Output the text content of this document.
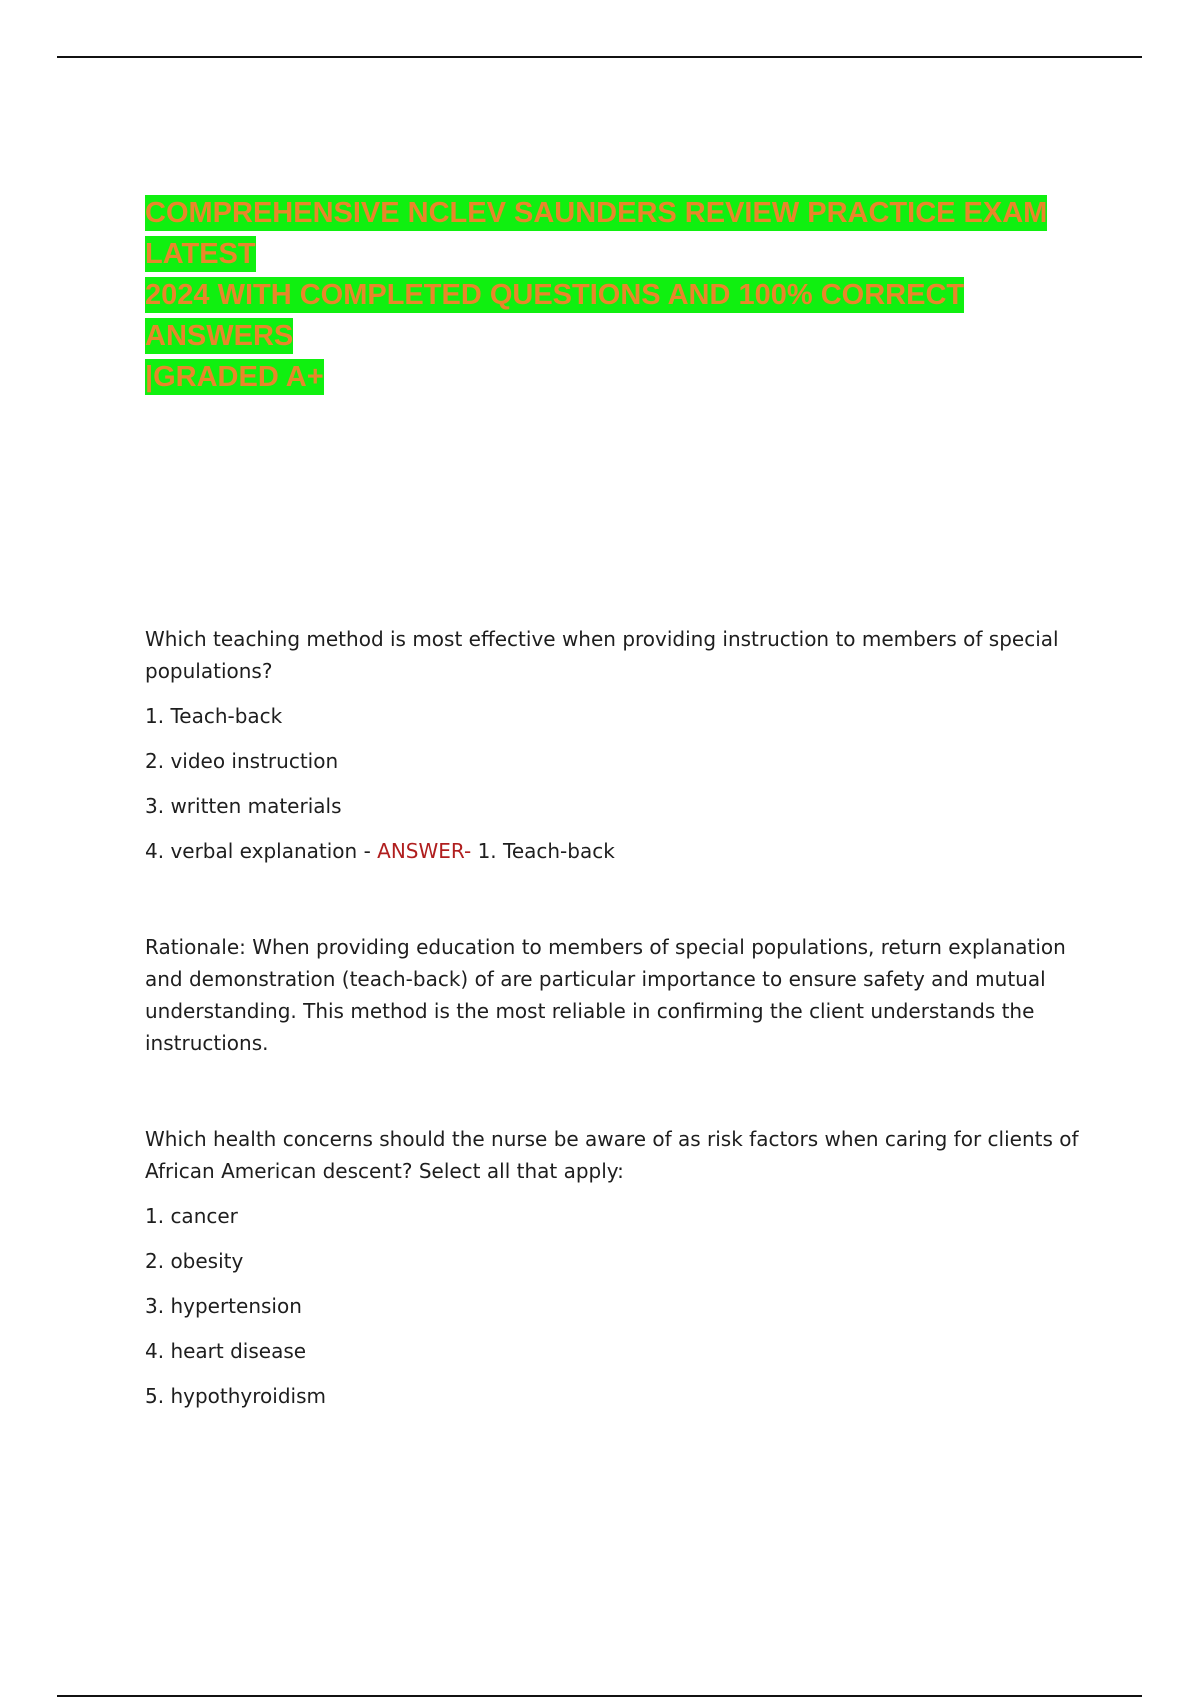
COMPREHENSIVE NCLEV SAUNDERS REVIEW PRACTICE EXAM LATEST
2024 WITH COMPLETED QUESTIONS AND 100% CORRECT ANSWERS
|GRADED A+

Which teaching method is most effective when providing instruction to members of special populations?

1. Teach-back

2. video instruction

3. written materials

4. verbal explanation - ANSWER- 1. Teach-back

Rationale: When providing education to members of special populations, return explanation and demonstration (teach-back) of are particular importance to ensure safety and mutual understanding. This method is the most reliable in confirming the client understands the instructions.

Which health concerns should the nurse be aware of as risk factors when caring for clients of African American descent? Select all that apply:

1. cancer

2. obesity

3. hypertension

4. heart disease

5. hypothyroidism
